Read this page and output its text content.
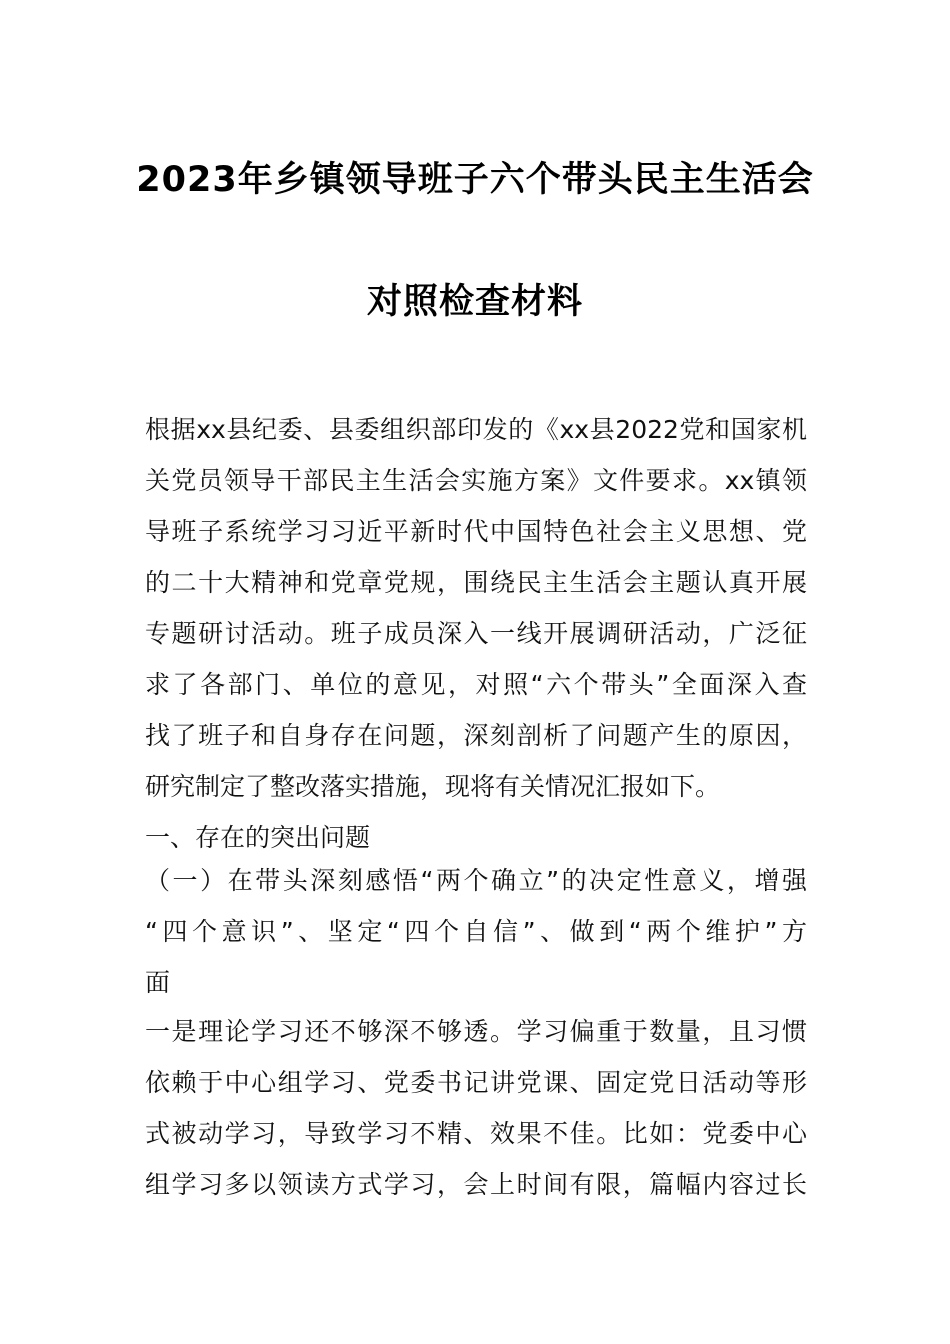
2023年乡镇领导班子六个带头民主生活会
对照检查材料
根据xx县纪委、县委组织部印发的《xx县2022党和国家机
关党员领导干部民主生活会实施方案》文件要求。xx镇领
导班子系统学习习近平新时代中国特色社会主义思想、党
的二十大精神和党章党规，围绕民主生活会主题认真开展
专题研讨活动。班子成员深入一线开展调研活动，广泛征
求了各部门、单位的意见，对照“六个带头”全面深入查
找了班子和自身存在问题，深刻剖析了问题产生的原因，
研究制定了整改落实措施，现将有关情况汇报如下。
一、存在的突出问题
（一）在带头深刻感悟“两个确立”的决定性意义，增强
“四个意识”、坚定“四个自信”、做到“两个维护”方
面
一是理论学习还不够深不够透。学习偏重于数量，且习惯
依赖于中心组学习、党委书记讲党课、固定党日活动等形
式被动学习，导致学习不精、效果不佳。比如：党委中心
组学习多以领读方式学习，会上时间有限，篇幅内容过长
